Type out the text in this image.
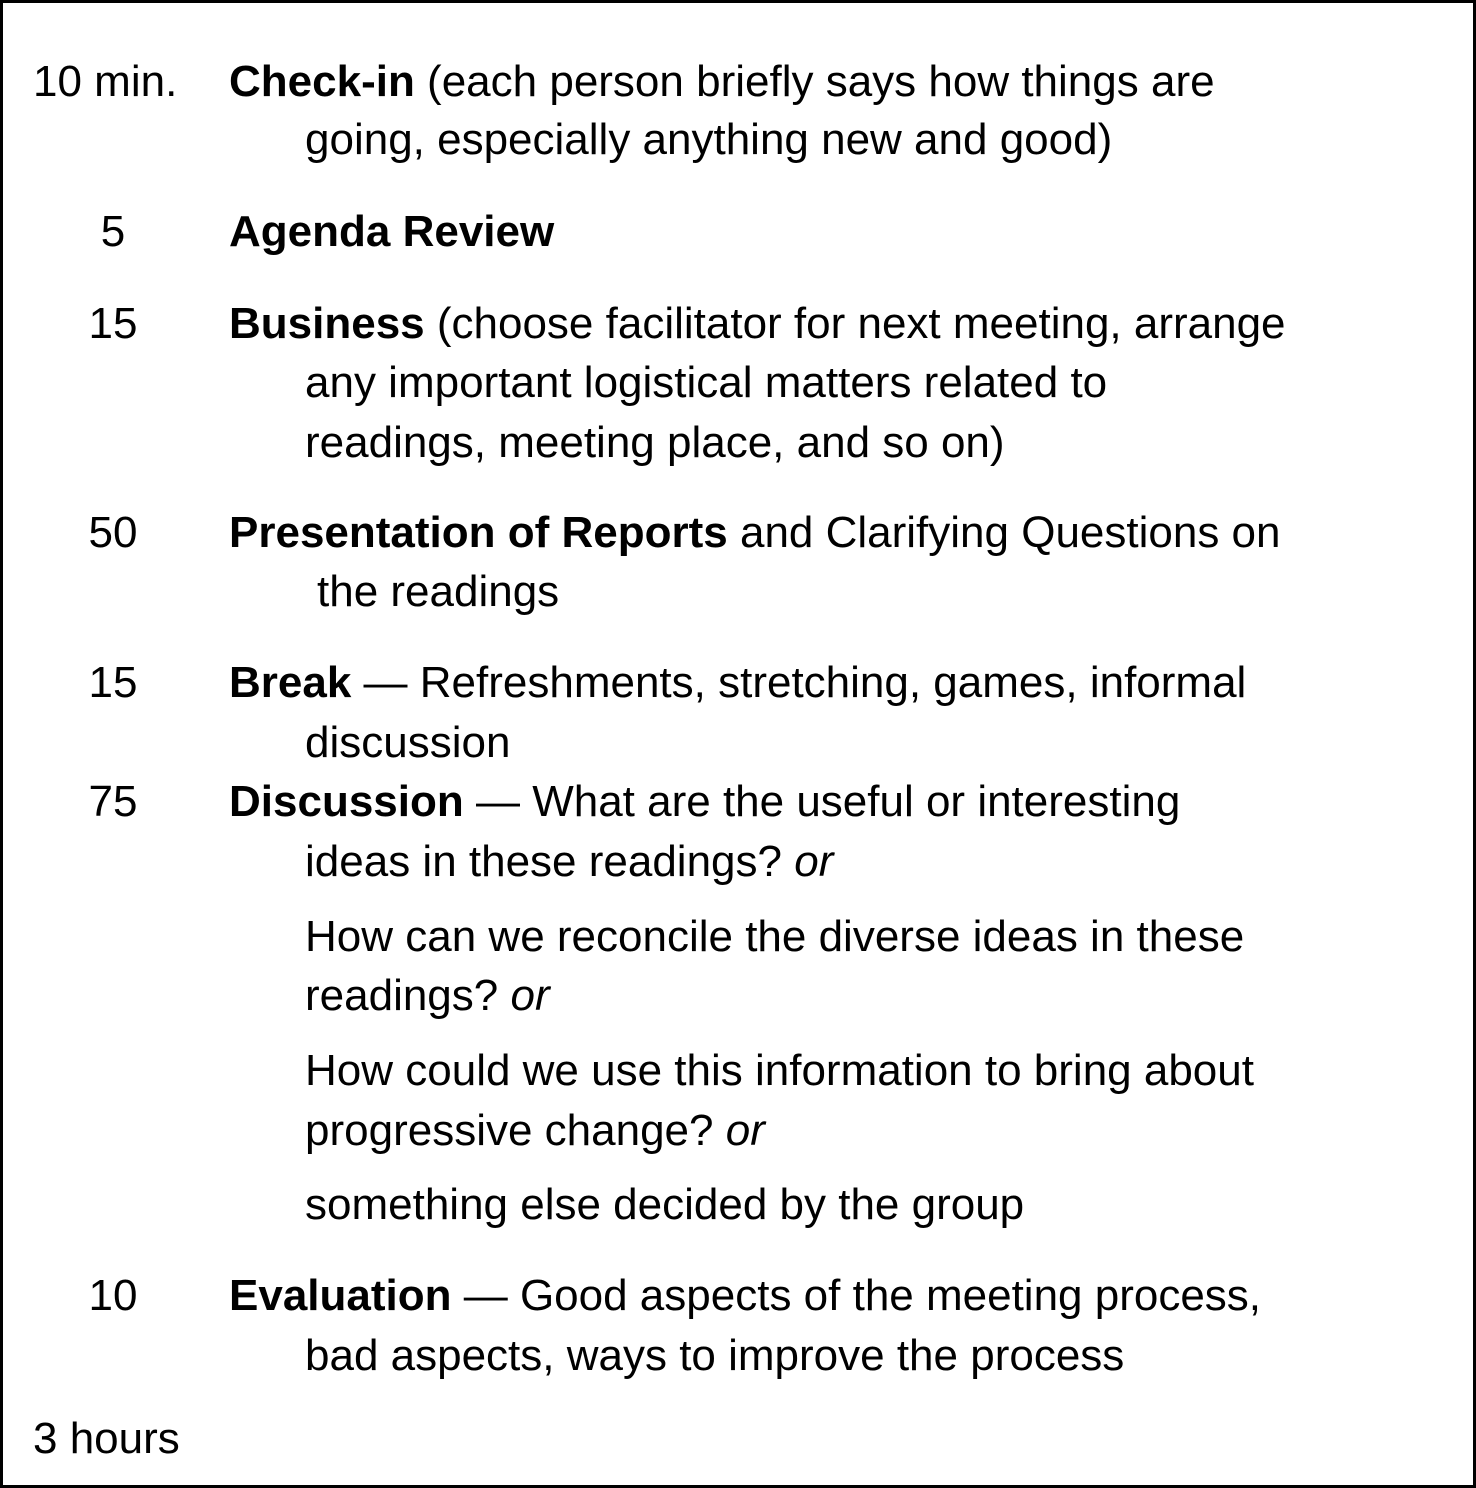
10 min. Check-in (each person briefly says how things are
going, especially anything new and good)
5	Agenda Review
15	Business (choose facilitator for next meeting, arrange
any important logistical matters related to
readings, meeting place, and so on)
50	Presentation of Reports and Clarifying Questions on
the readings
15	Break — Refreshments, stretching, games, informal
discussion
75	Discussion — What are the useful or interesting
ideas in these readings? or
How can we reconcile the diverse ideas in these
readings? or
How could we use this information to bring about
progressive change? or
something else decided by the group
10	Evaluation — Good aspects of the meeting process,
bad aspects, ways to improve the process
3 hours
